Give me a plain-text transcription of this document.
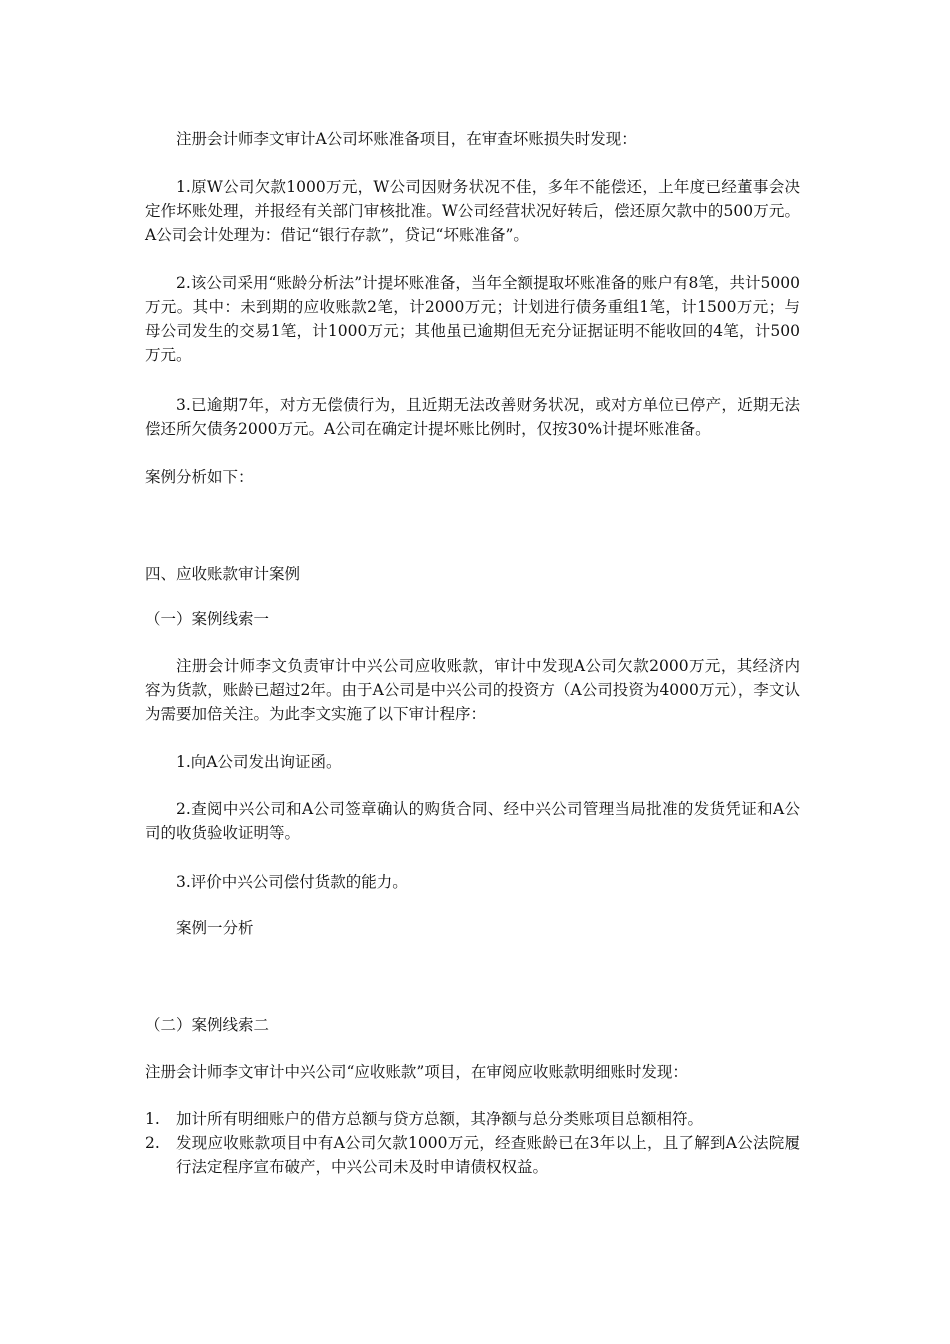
注册会计师李文审计A公司坏账准备项目，在审查坏账损失时发现：

1.原W公司欠款1000万元，W公司因财务状况不佳，多年不能偿还，上年度已经董事会决定作坏账处理，并报经有关部门审核批准。W公司经营状况好转后，偿还原欠款中的500万元。A公司会计处理为：借记“银行存款”，贷记“坏账准备”。

2.该公司采用“账龄分析法”计提坏账准备，当年全额提取坏账准备的账户有8笔，共计5000万元。其中：未到期的应收账款2笔，计2000万元；计划进行债务重组1笔，计1500万元；与母公司发生的交易1笔，计1000万元；其他虽已逾期但无充分证据证明不能收回的4笔，计500万元。

3.已逾期7年，对方无偿债行为，且近期无法改善财务状况，或对方单位已停产，近期无法偿还所欠债务2000万元。A公司在确定计提坏账比例时，仅按30%计提坏账准备。

案例分析如下：

四、应收账款审计案例

（一）案例线索一

注册会计师李文负责审计中兴公司应收账款，审计中发现A公司欠款2000万元，其经济内容为货款，账龄已超过2年。由于A公司是中兴公司的投资方（A公司投资为4000万元），李文认为需要加倍关注。为此李文实施了以下审计程序：

1.向A公司发出询证函。

2.查阅中兴公司和A公司签章确认的购货合同、经中兴公司管理当局批准的发货凭证和A公司的收货验收证明等。

3.评价中兴公司偿付货款的能力。

案例一分析

（二）案例线索二

注册会计师李文审计中兴公司“应收账款”项目，在审阅应收账款明细账时发现：

1. 加计所有明细账户的借方总额与贷方总额，其净额与总分类账项目总额相符。
2. 发现应收账款项目中有A公司欠款1000万元，经查账龄已在3年以上，且了解到A公法院履行法定程序宣布破产，中兴公司未及时申请债权权益。
